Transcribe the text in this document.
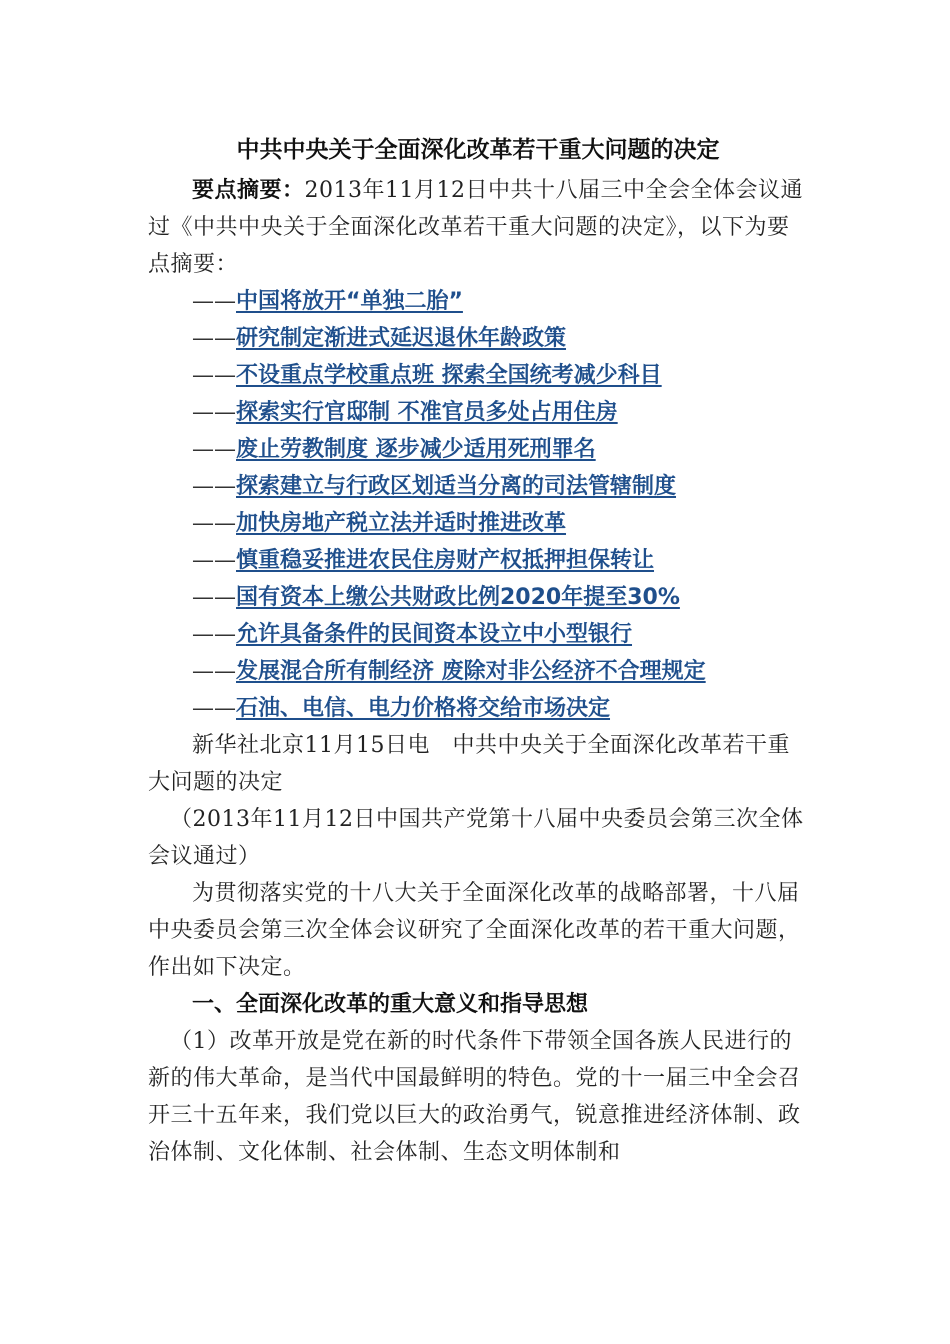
中共中央关于全面深化改革若干重大问题的决定

要点摘要：2013年11月12日中共十八届三中全会全体会议通过《中共中央关于全面深化改革若干重大问题的决定》，以下为要点摘要：

——中国将放开“单独二胎”
——研究制定渐进式延迟退休年龄政策
——不设重点学校重点班 探索全国统考减少科目
——探索实行官邸制 不准官员多处占用住房
——废止劳教制度 逐步减少适用死刑罪名
——探索建立与行政区划适当分离的司法管辖制度
——加快房地产税立法并适时推进改革
——慎重稳妥推进农民住房财产权抵押担保转让
——国有资本上缴公共财政比例2020年提至30%
——允许具备条件的民间资本设立中小型银行
——发展混合所有制经济 废除对非公经济不合理规定
——石油、电信、电力价格将交给市场决定

新华社北京11月15日电　中共中央关于全面深化改革若干重大问题的决定

（2013年11月12日中国共产党第十八届中央委员会第三次全体会议通过）

为贯彻落实党的十八大关于全面深化改革的战略部署，十八届中央委员会第三次全体会议研究了全面深化改革的若干重大问题，作出如下决定。

一、全面深化改革的重大意义和指导思想

（1）改革开放是党在新的时代条件下带领全国各族人民进行的新的伟大革命，是当代中国最鲜明的特色。党的十一届三中全会召开三十五年来，我们党以巨大的政治勇气，锐意推进经济体制、政治体制、文化体制、社会体制、生态文明体制和
